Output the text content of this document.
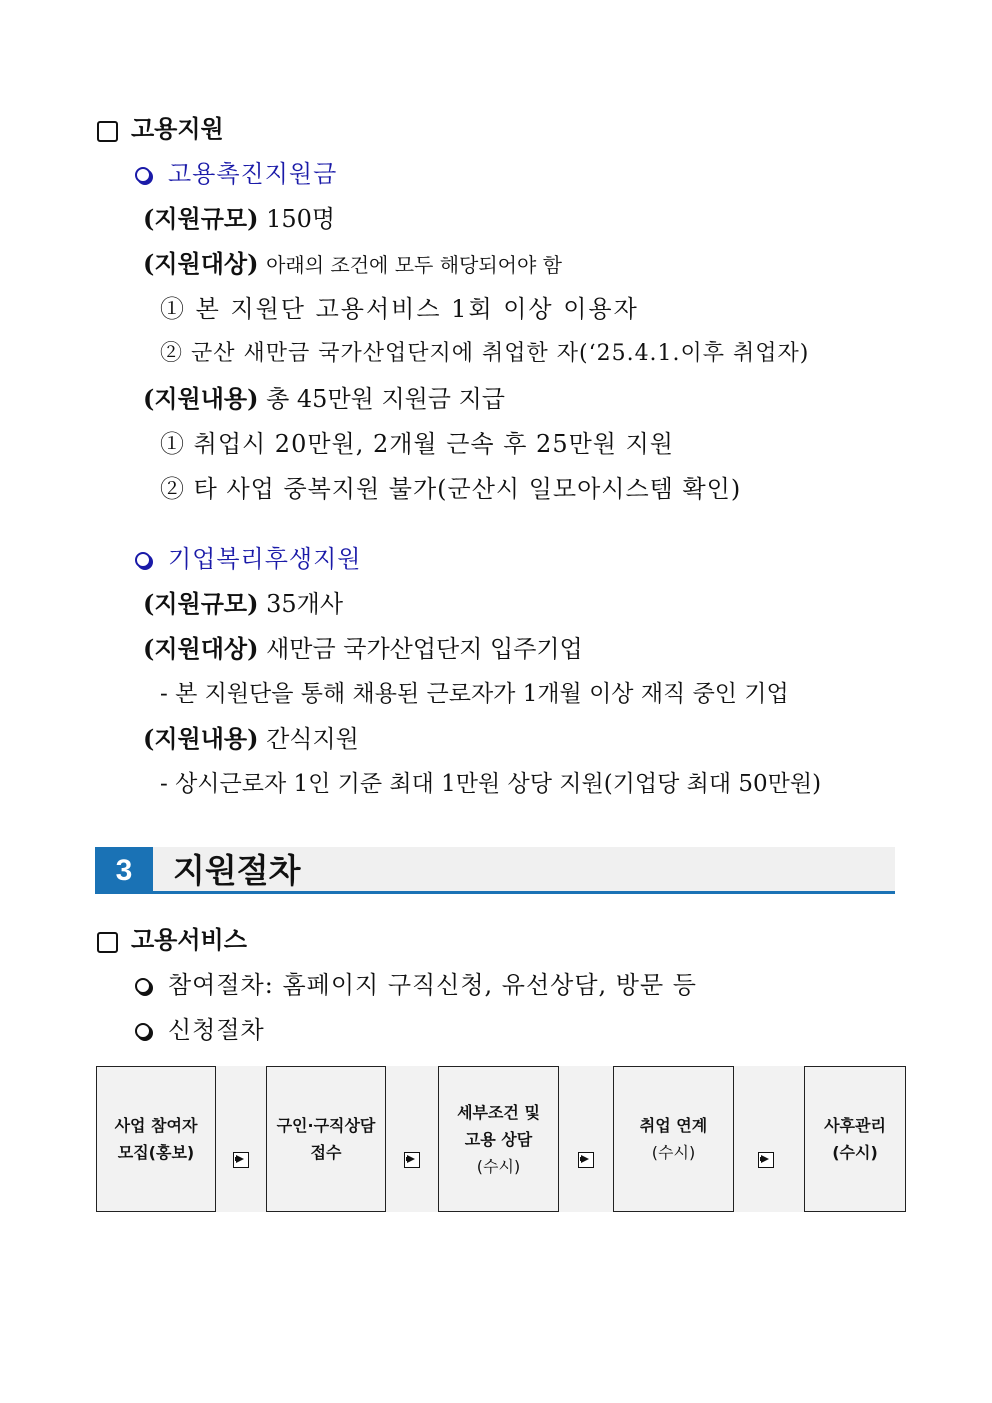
고용지원
고용촉진지원금
(지원규모) 150명
(지원대상) 아래의 조건에 모두 해당되어야 함
① 본 지원단 고용서비스 1회 이상 이용자
② 군산 새만금 국가산업단지에 취업한 자(‘25.4.1.이후 취업자)
(지원내용) 총 45만원 지원금 지급
① 취업시 20만원, 2개월 근속 후 25만원 지원
② 타 사업 중복지원 불가(군산시 일모아시스템 확인)
기업복리후생지원
(지원규모) 35개사
(지원대상) 새만금 국가산업단지 입주기업
- 본 지원단을 통해 채용된 근로자가 1개월 이상 재직 중인 기업
(지원내용) 간식지원
- 상시근로자 1인 기준 최대 1만원 상당 지원(기업당 최대 50만원)
3	지원절차
고용서비스
참여절차: 홈페이지 구직신청, 유선상담, 방문 등
신청절차
사업 참여자
모집(홍보)
구인·구직상담
접수
세부조건 및
고용 상담
(수시)
취업 연계
(수시)
사후관리
(수시)
